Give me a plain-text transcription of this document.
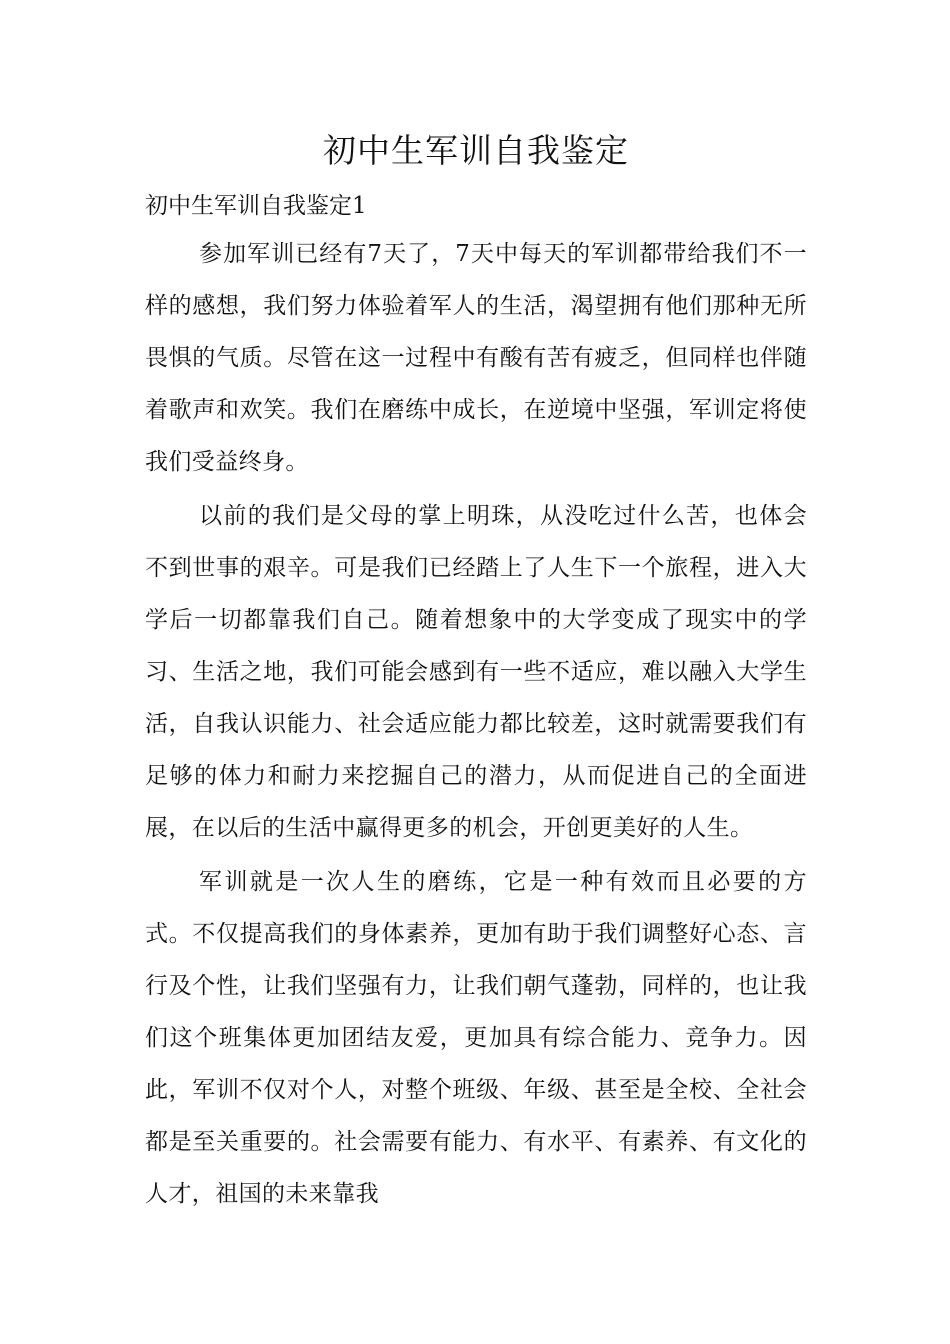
初中生军训自我鉴定

初中生军训自我鉴定1

参加军训已经有7天了，7天中每天的军训都带给我们不一样的感想，我们努力体验着军人的生活，渴望拥有他们那种无所畏惧的气质。尽管在这一过程中有酸有苦有疲乏，但同样也伴随着歌声和欢笑。我们在磨练中成长，在逆境中坚强，军训定将使我们受益终身。

以前的我们是父母的掌上明珠，从没吃过什么苦，也体会不到世事的艰辛。可是我们已经踏上了人生下一个旅程，进入大学后一切都靠我们自己。随着想象中的大学变成了现实中的学习、生活之地，我们可能会感到有一些不适应，难以融入大学生活，自我认识能力、社会适应能力都比较差，这时就需要我们有足够的体力和耐力来挖掘自己的潜力，从而促进自己的全面进展，在以后的生活中赢得更多的机会，开创更美好的人生。

军训就是一次人生的磨练，它是一种有效而且必要的方式。不仅提高我们的身体素养，更加有助于我们调整好心态、言行及个性，让我们坚强有力，让我们朝气蓬勃，同样的，也让我们这个班集体更加团结友爱，更加具有综合能力、竞争力。因此，军训不仅对个人，对整个班级、年级、甚至是全校、全社会都是至关重要的。社会需要有能力、有水平、有素养、有文化的人才，祖国的未来靠我
